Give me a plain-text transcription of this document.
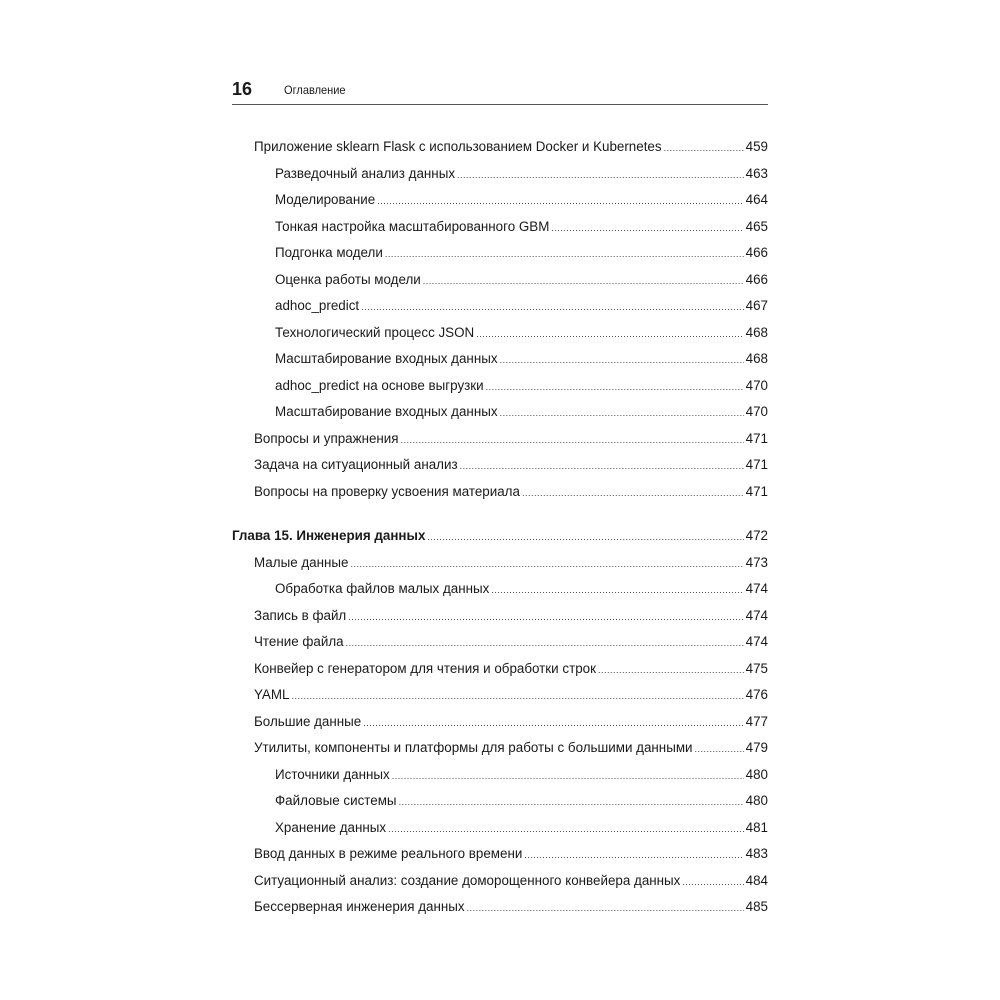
16	Оглавление
Приложение sklearn Flask с использованием Docker и Kubernetes .....	459
Разведочный анализ данных .....	463
Моделирование .....	464
Тонкая настройка масштабированного GBM .....	465
Подгонка модели .....	466
Оценка работы модели .....	466
adhoc_predict .....	467
Технологический процесс JSON .....	468
Масштабирование входных данных .....	468
adhoc_predict на основе выгрузки .....	470
Масштабирование входных данных .....	470
Вопросы и упражнения .....	471
Задача на ситуационный анализ .....	471
Вопросы на проверку усвоения материала .....	471
Глава 15. Инженерия данных .....	472
Малые данные .....	473
Обработка файлов малых данных .....	474
Запись в файл .....	474
Чтение файла .....	474
Конвейер с генератором для чтения и обработки строк .....	475
YAML .....	476
Большие данные .....	477
Утилиты, компоненты и платформы для работы с большими данными .....	479
Источники данных .....	480
Файловые системы .....	480
Хранение данных .....	481
Ввод данных в режиме реального времени .....	483
Ситуационный анализ: создание доморощенного конвейера данных .....	484
Бессерверная инженерия данных .....	485
